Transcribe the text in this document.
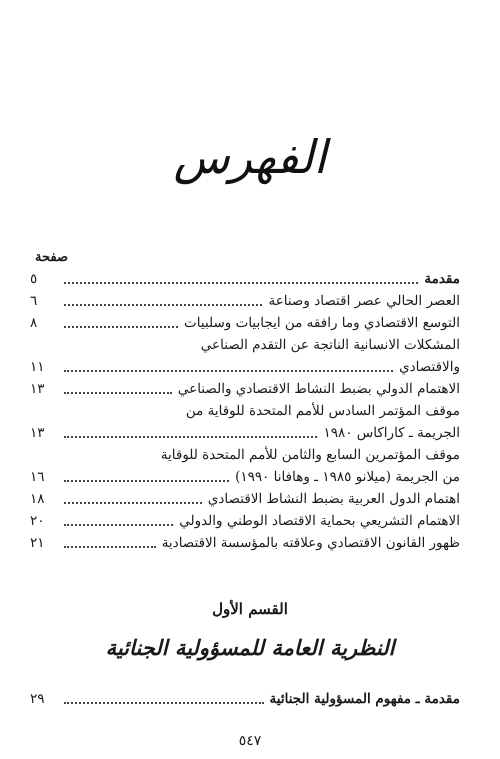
الفهرس
صفحة
مقدمة
٥
العصر الحالي عصر اقتصاد وصناعة
٦
التوسع الاقتصادي وما رافقه من ايجابيات وسلبيات
٨
المشكلات الانسانية الناتجة عن التقدم الصناعي
والاقتصادي
١١
الاهتمام الدولي بضبط النشاط الاقتصادي والصناعي
١٣
موقف المؤتمر السادس للأمم المتحدة للوقاية من
الجريمة ـ كاراكاس ١٩٨٠
١٣
موقف المؤتمرين السابع والثامن للأمم المتحدة للوقاية
من الجريمة (ميلانو ١٩٨٥ ـ وهافانا ١٩٩٠)
١٦
اهتمام الدول العربية بضبط النشاط الاقتصادي
١٨
الاهتمام التشريعي بحماية الاقتصاد الوطني والدولي
٢٠
ظهور القانون الاقتصادي وعلاقته بالمؤسسة الاقتصادية
٢١
القسم الأول
النظرية العامة للمسؤولية الجنائية
مقدمة ـ مفهوم المسؤولية الجنائية
٢٩
٥٤٧
